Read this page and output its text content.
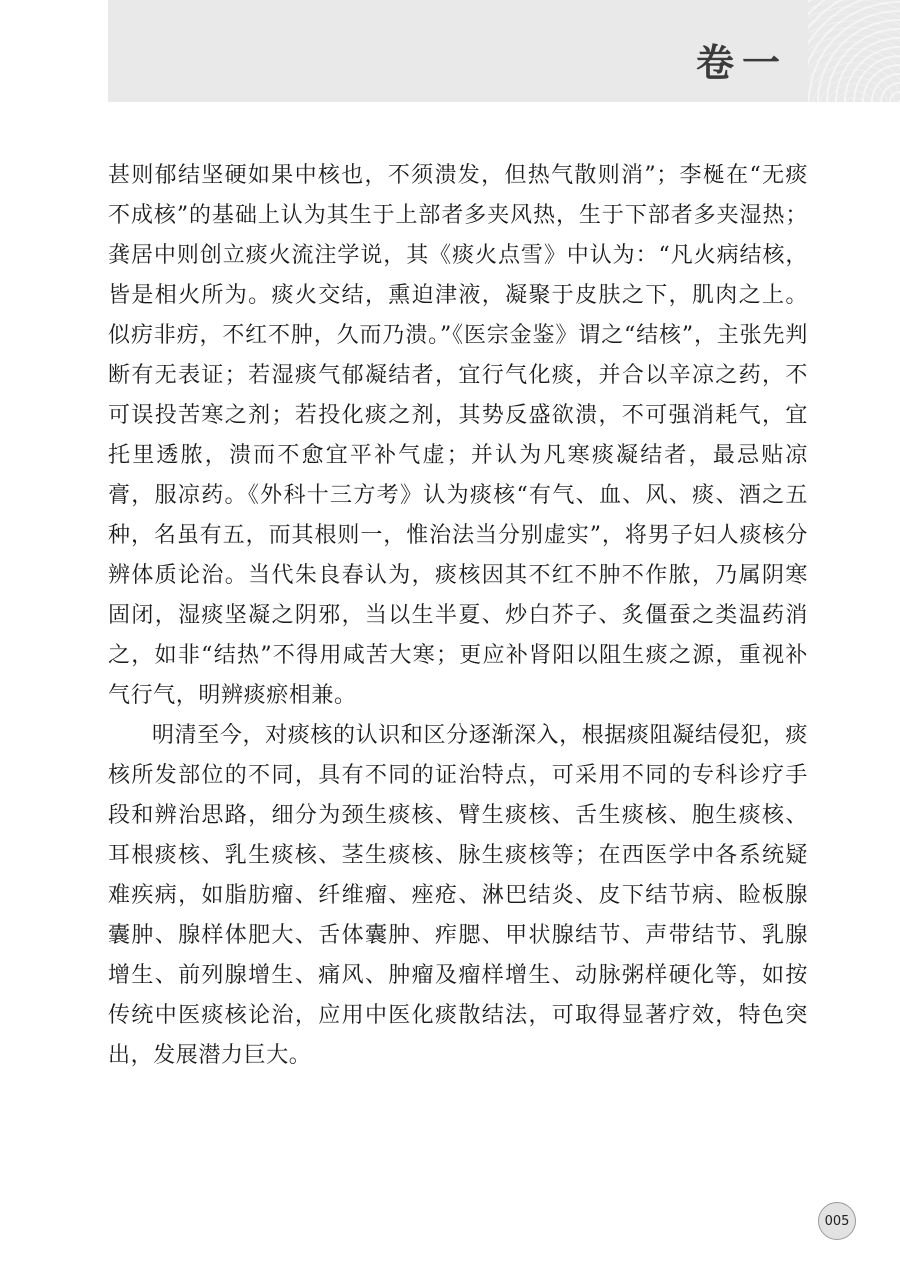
卷一

甚则郁结坚硬如果中核也，不须溃发，但热气散则消”；李梴在“无痰不成核”的基础上认为其生于上部者多夹风热，生于下部者多夹湿热；龚居中则创立痰火流注学说，其《痰火点雪》中认为：“凡火病结核，皆是相火所为。痰火交结，熏迫津液，凝聚于皮肤之下，肌肉之上。似疠非疠，不红不肿，久而乃溃。”《医宗金鉴》谓之“结核”，主张先判断有无表证；若湿痰气郁凝结者，宜行气化痰，并合以辛凉之药，不可误投苦寒之剂；若投化痰之剂，其势反盛欲溃，不可强消耗气，宜托里透脓，溃而不愈宜平补气虚；并认为凡寒痰凝结者，最忌贴凉膏，服凉药。《外科十三方考》认为痰核“有气、血、风、痰、酒之五种，名虽有五，而其根则一，惟治法当分别虚实”，将男子妇人痰核分辨体质论治。当代朱良春认为，痰核因其不红不肿不作脓，乃属阴寒固闭，湿痰坚凝之阴邪，当以生半夏、炒白芥子、炙僵蚕之类温药消之，如非“结热”不得用咸苦大寒；更应补肾阳以阻生痰之源，重视补气行气，明辨痰瘀相兼。

明清至今，对痰核的认识和区分逐渐深入，根据痰阻凝结侵犯，痰核所发部位的不同，具有不同的证治特点，可采用不同的专科诊疗手段和辨治思路，细分为颈生痰核、臂生痰核、舌生痰核、胞生痰核、耳根痰核、乳生痰核、茎生痰核、脉生痰核等；在西医学中各系统疑难疾病，如脂肪瘤、纤维瘤、痤疮、淋巴结炎、皮下结节病、睑板腺囊肿、腺样体肥大、舌体囊肿、痄腮、甲状腺结节、声带结节、乳腺增生、前列腺增生、痛风、肿瘤及瘤样增生、动脉粥样硬化等，如按传统中医痰核论治，应用中医化痰散结法，可取得显著疗效，特色突出，发展潜力巨大。

005
